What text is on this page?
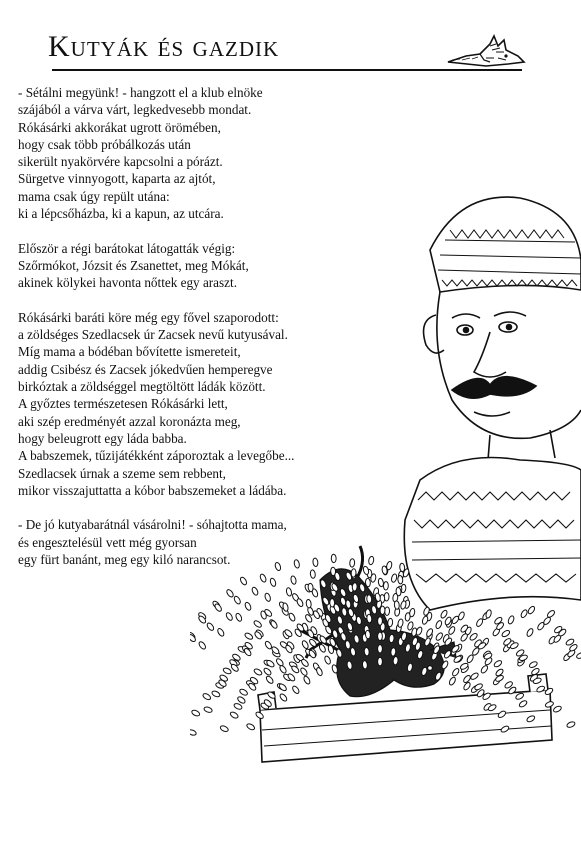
Kutyák és gazdik
- Sétálni megyünk! - hangzott el a klub elnöke
szájából a várva várt, legkedvesebb mondat.
Rókásárki akkorákat ugrott örömében,
hogy csak több próbálkozás után
sikerült nyakörvére kapcsolni a pórázt.
Sürgetve vinnyogott, kaparta az ajtót,
mama csak úgy repült utána:
ki a lépcsőházba, ki a kapun, az utcára.
Először a régi barátokat látogatták végig:
Szőrmókot, Józsit és Zsanettet, meg Mókát,
akinek kölykei havonta nőttek egy araszt.
Rókásárki baráti köre még egy fővel szaporodott:
a zöldséges Szedlacsek úr Zacsek nevű kutyusával.
Míg mama a bódéban bővítette ismereteit,
addig Csibész és Zacsek jókedvűen hemperegve
birkóztak a zöldséggel megtöltött ládák között.
A győztes természetesen Rókásárki lett,
aki szép eredményét azzal koronázta meg,
hogy beleugrott egy láda babba.
A babszemek, tűzijátékként záporoztak a levegőbe...
Szedlacsek úrnak a szeme sem rebbent,
mikor visszajuttatta a kóbor babszemeket a ládába.
- De jó kutyabarátnál vásárolni! - sóhajtotta mama,
és engesztelésül vett még gyorsan
egy fürt banánt, meg egy kiló narancsot.
